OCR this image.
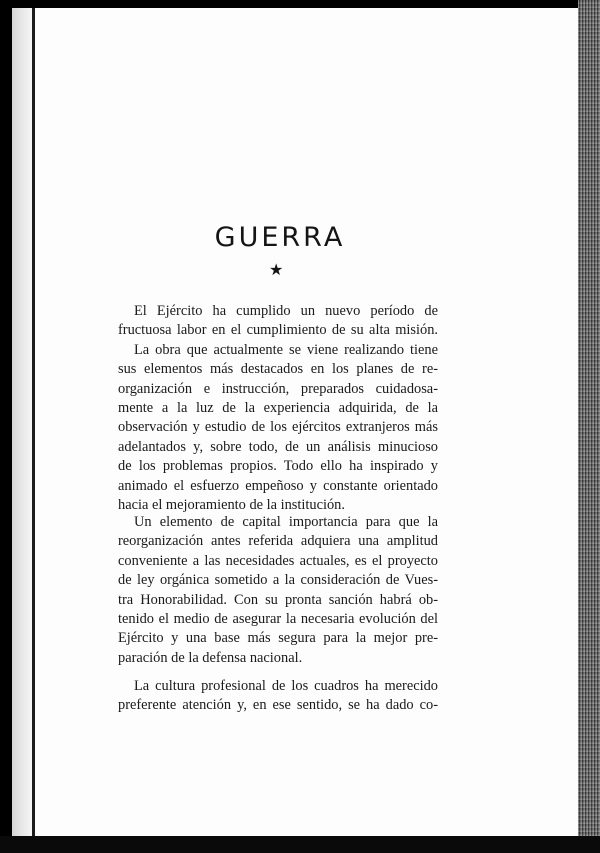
GUERRA
★

El Ejército ha cumplido un nuevo período de
fructuosa labor en el cumplimiento de su alta misión.
La obra que actualmente se viene realizando tiene
sus elementos más destacados en los planes de re-
organización e instrucción, preparados cuidadosa-
mente a la luz de la experiencia adquirida, de la
observación y estudio de los ejércitos extranjeros más
adelantados y, sobre todo, de un análisis minucioso
de los problemas propios. Todo ello ha inspirado y
animado el esfuerzo empeñoso y constante orientado
hacia el mejoramiento de la institución.

Un elemento de capital importancia para que la
reorganización antes referida adquiera una amplitud
conveniente a las necesidades actuales, es el proyecto
de ley orgánica sometido a la consideración de Vues-
tra Honorabilidad. Con su pronta sanción habrá ob-
tenido el medio de asegurar la necesaria evolución del
Ejército y una base más segura para la mejor pre-
paración de la defensa nacional.

La cultura profesional de los cuadros ha merecido
preferente atención y, en ese sentido, se ha dado co-
